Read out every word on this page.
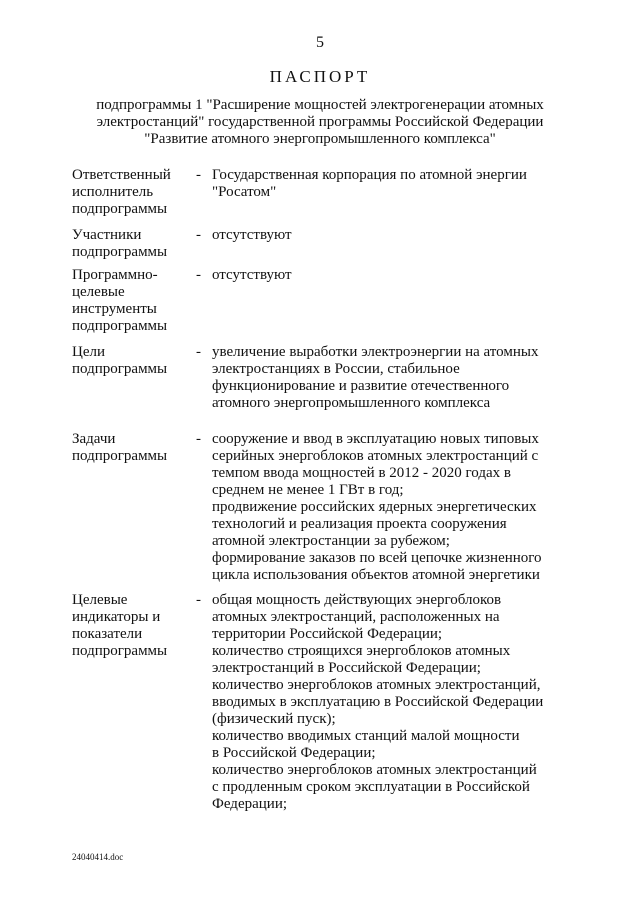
5
ПАСПОРТ
подпрограммы 1 "Расширение мощностей электрогенерации атомных
электростанций" государственной программы Российской Федерации
"Развитие атомного энергопромышленного комплекса"
Ответственный
исполнитель
подпрограммы
- Государственная корпорация по атомной энергии
"Росатом"
Участники
подпрограммы
- отсутствуют
Программно-
целевые
инструменты
подпрограммы
- отсутствуют
Цели
подпрограммы
- увеличение выработки электроэнергии на атомных
электростанциях в России, стабильное
функционирование и развитие отечественного
атомного энергопромышленного комплекса
Задачи
подпрограммы
- сооружение и ввод в эксплуатацию новых типовых
серийных энергоблоков атомных электростанций с
темпом ввода мощностей в 2012 - 2020 годах в
среднем не менее 1 ГВт в год;
продвижение российских ядерных энергетических
технологий и реализация проекта сооружения
атомной электростанции за рубежом;
формирование заказов по всей цепочке жизненного
цикла использования объектов атомной энергетики
Целевые
индикаторы и
показатели
подпрограммы
- общая мощность действующих энергоблоков
атомных электростанций, расположенных на
территории Российской Федерации;
количество строящихся энергоблоков атомных
электростанций в Российской Федерации;
количество энергоблоков атомных электростанций,
вводимых в эксплуатацию в Российской Федерации
(физический пуск);
количество вводимых станций малой мощности
в Российской Федерации;
количество энергоблоков атомных электростанций
с продленным сроком эксплуатации в Российской
Федерации;
24040414.doc
